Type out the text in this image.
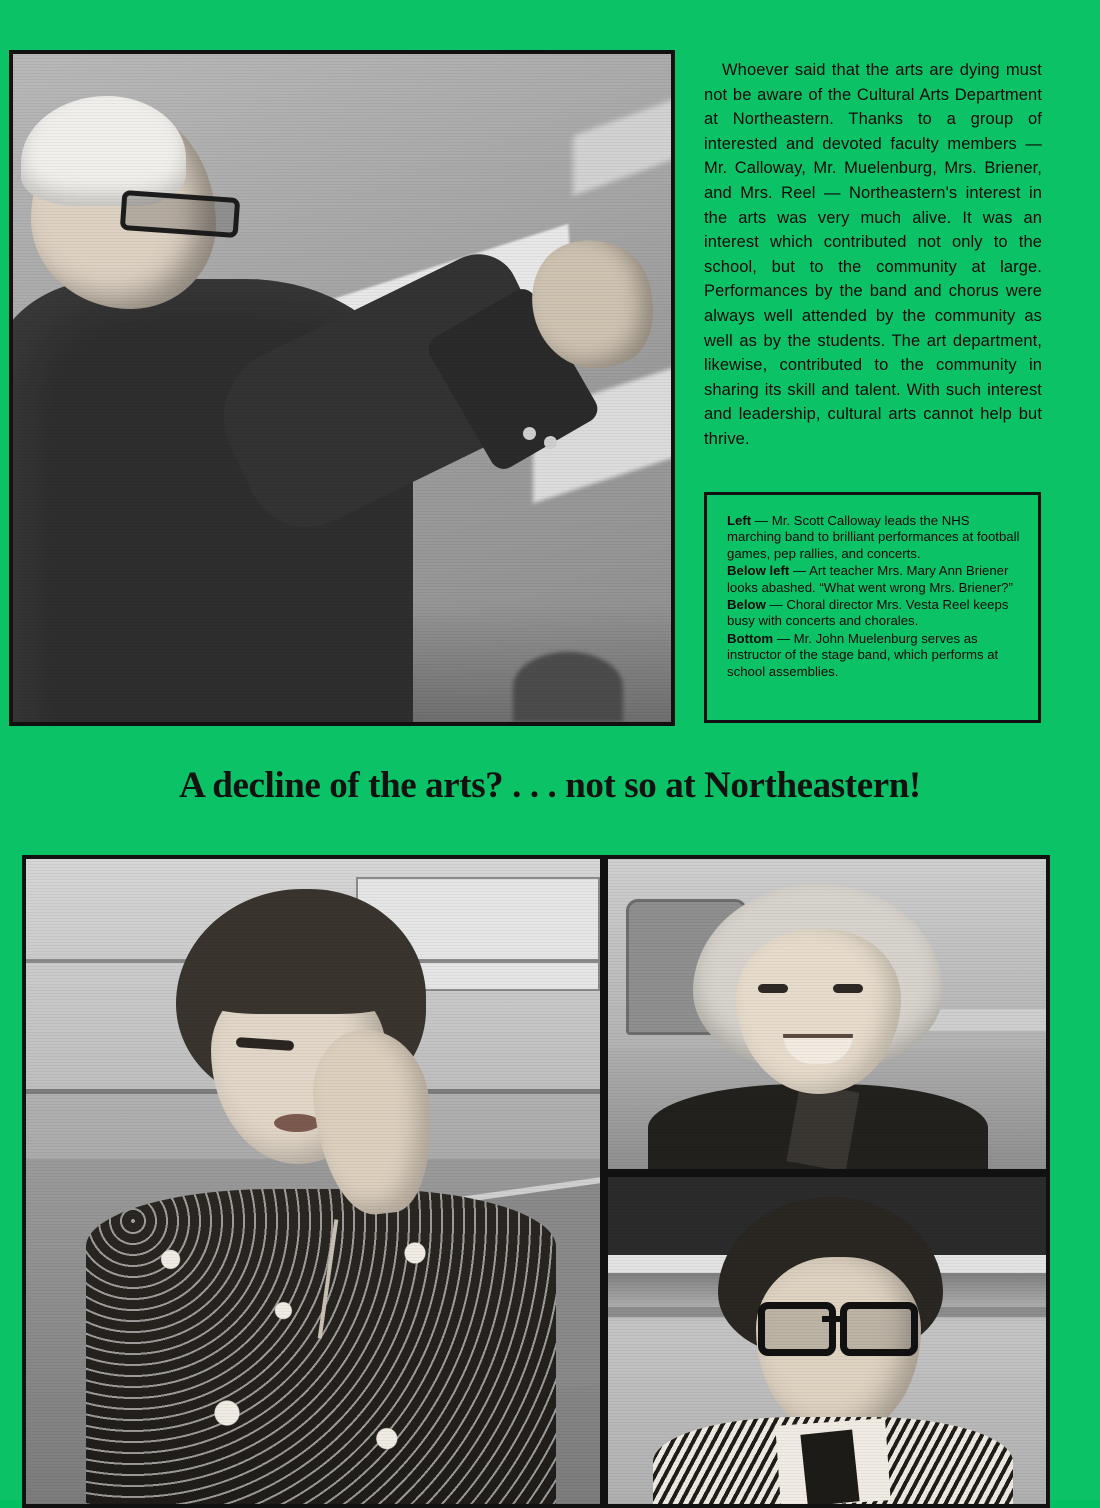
Whoever said that the arts are dying must not be aware of the Cultural Arts Department at Northeastern. Thanks to a group of interested and devoted faculty members — Mr. Calloway, Mr. Muelenburg, Mrs. Briener, and Mrs. Reel — Northeastern's interest in the arts was very much alive. It was an interest which contributed not only to the school, but to the community at large. Performances by the band and chorus were always well attended by the community as well as by the students. The art department, likewise, contributed to the community in sharing its skill and talent. With such interest and leadership, cultural arts cannot help but thrive.

Left — Mr. Scott Calloway leads the NHS marching band to brilliant performances at football games, pep rallies, and concerts.

Below left — Art teacher Mrs. Mary Ann Briener looks abashed. “What went wrong Mrs. Briener?”

Below — Choral director Mrs. Vesta Reel keeps busy with concerts and chorales.

Bottom — Mr. John Muelenburg serves as instructor of the stage band, which performs at school assemblies.

A decline of the arts? . . . not so at Northeastern!
